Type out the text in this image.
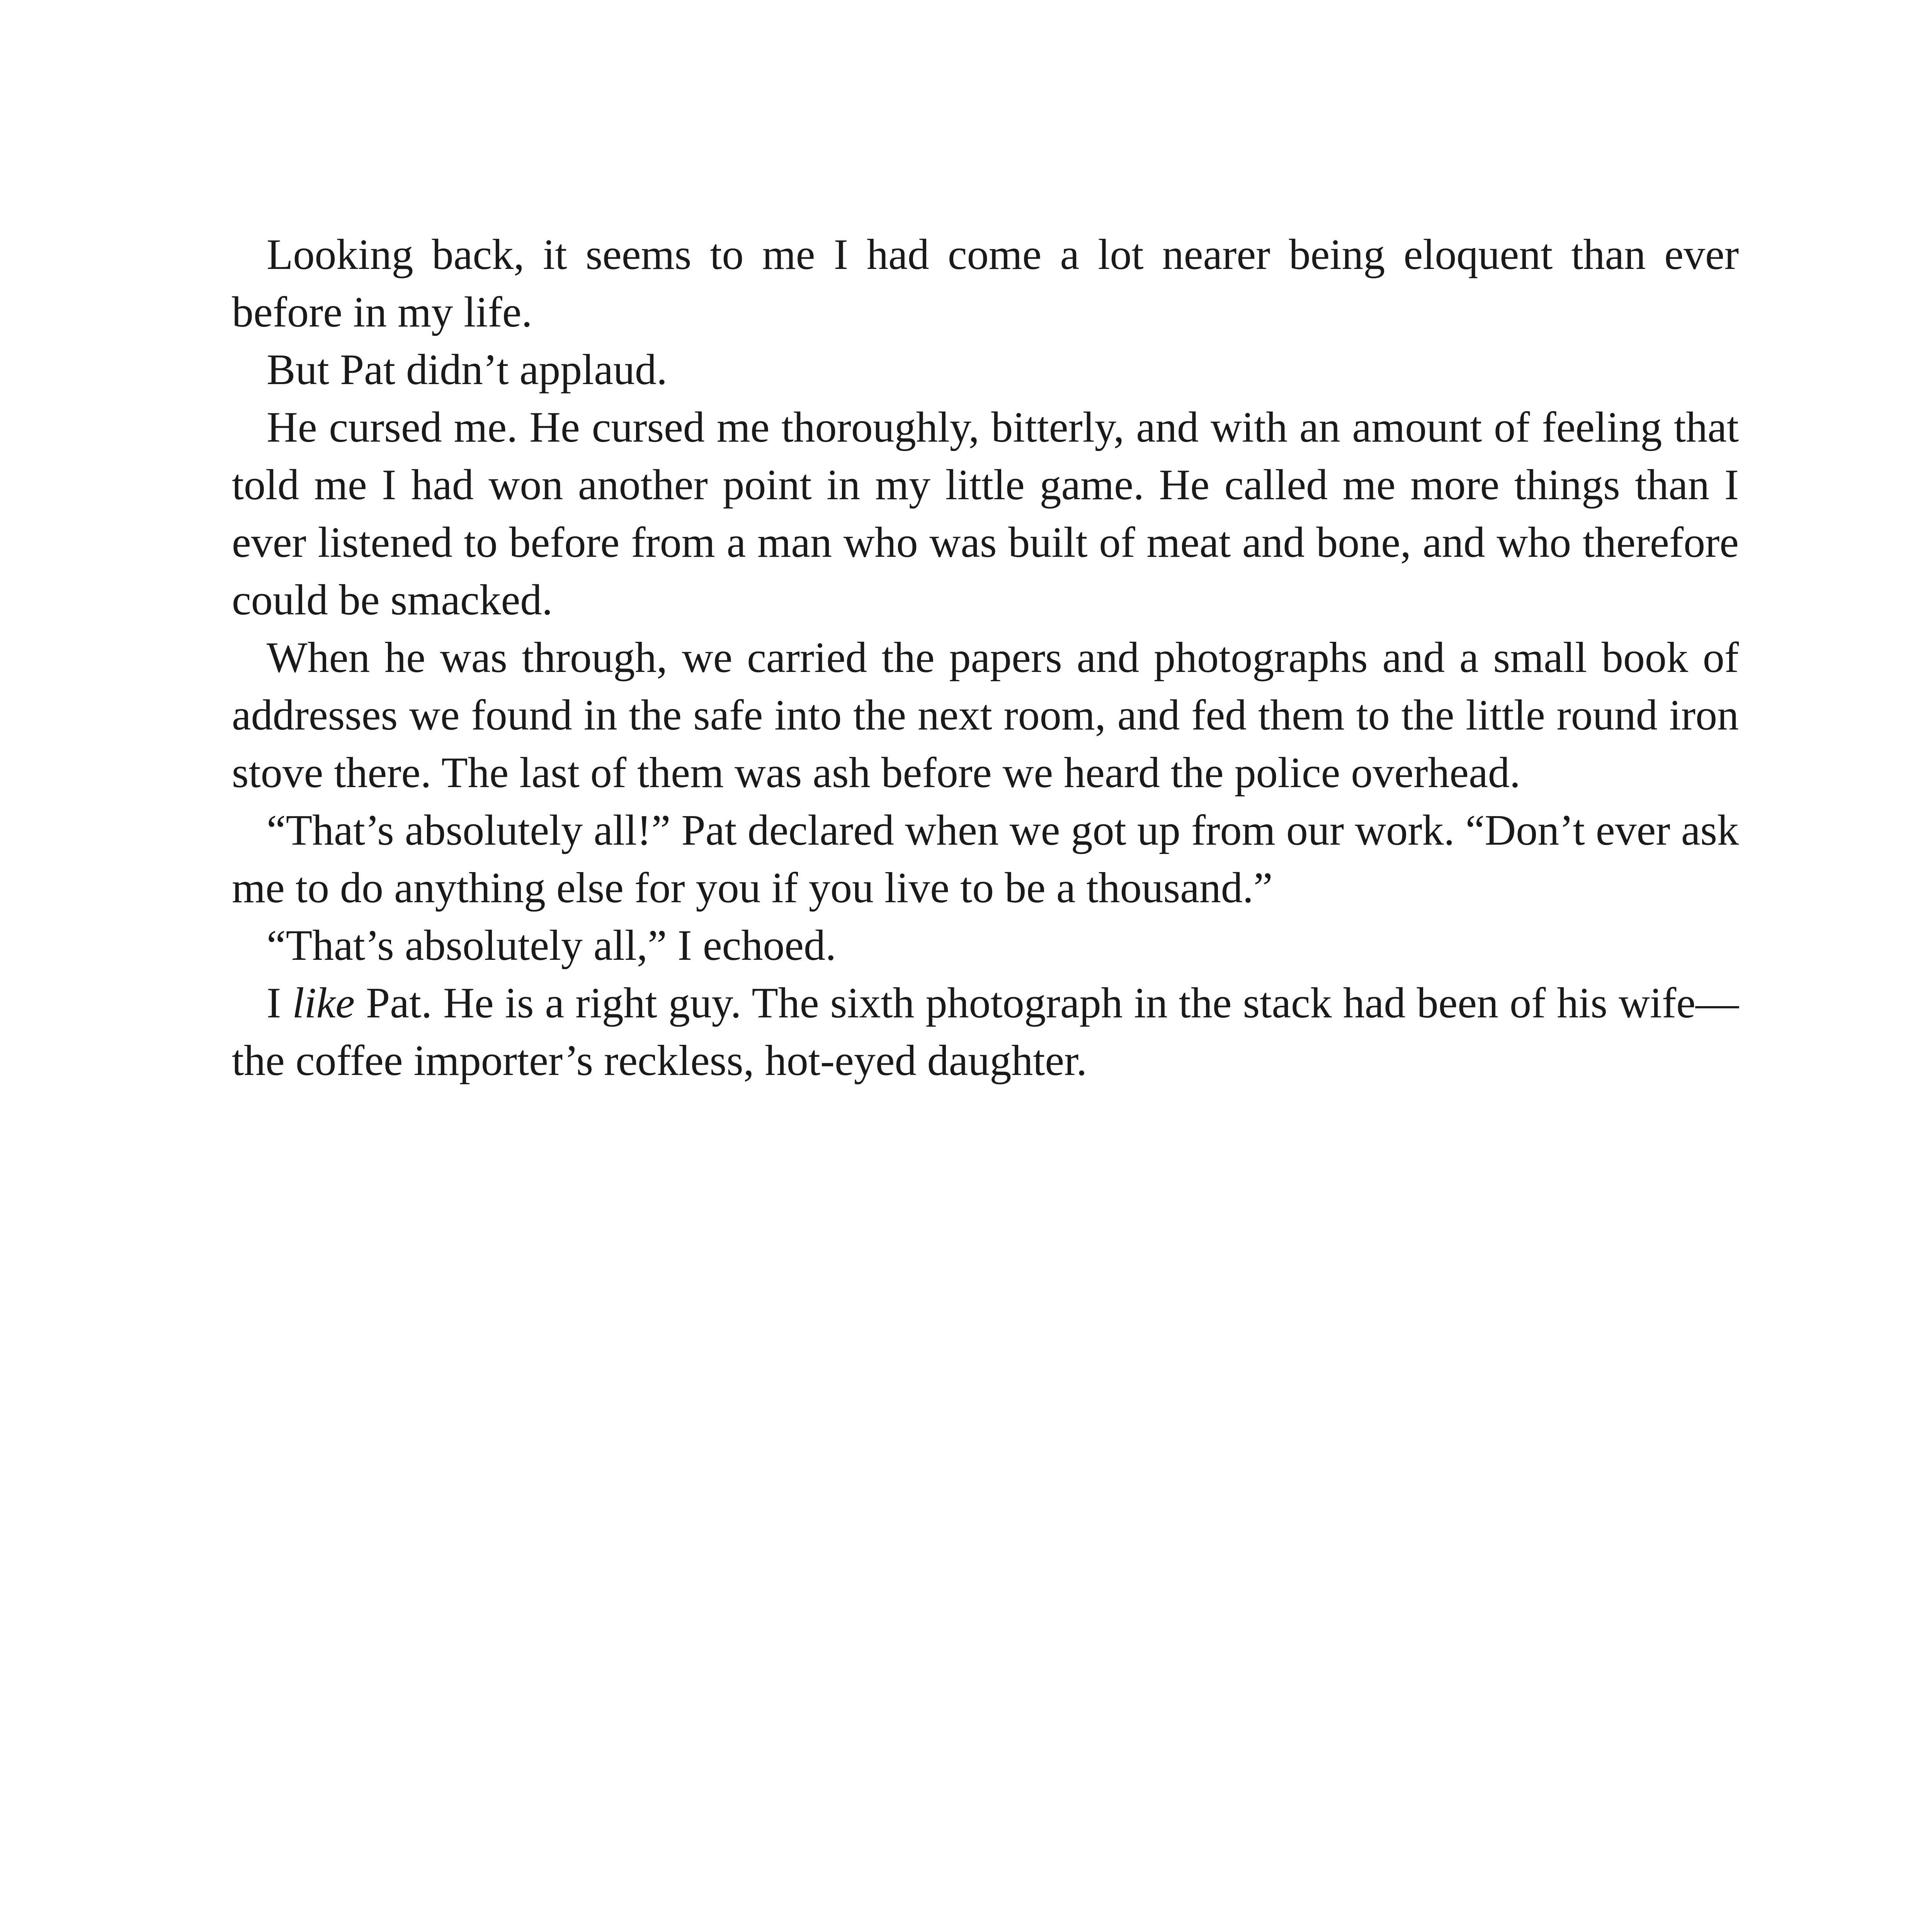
Looking back, it seems to me I had come a lot nearer being eloquent than ever before in my life.

But Pat didn’t applaud.

He cursed me. He cursed me thoroughly, bitterly, and with an amount of feeling that told me I had won another point in my little game. He called me more things than I ever listened to before from a man who was built of meat and bone, and who therefore could be smacked.

When he was through, we carried the papers and photographs and a small book of addresses we found in the safe into the next room, and fed them to the little round iron stove there. The last of them was ash before we heard the police overhead.

“That’s absolutely all!” Pat declared when we got up from our work. “Don’t ever ask me to do anything else for you if you live to be a thousand.”

“That’s absolutely all,” I echoed.

I like Pat. He is a right guy. The sixth photograph in the stack had been of his wife—the coffee importer’s reckless, hot-eyed daughter.
